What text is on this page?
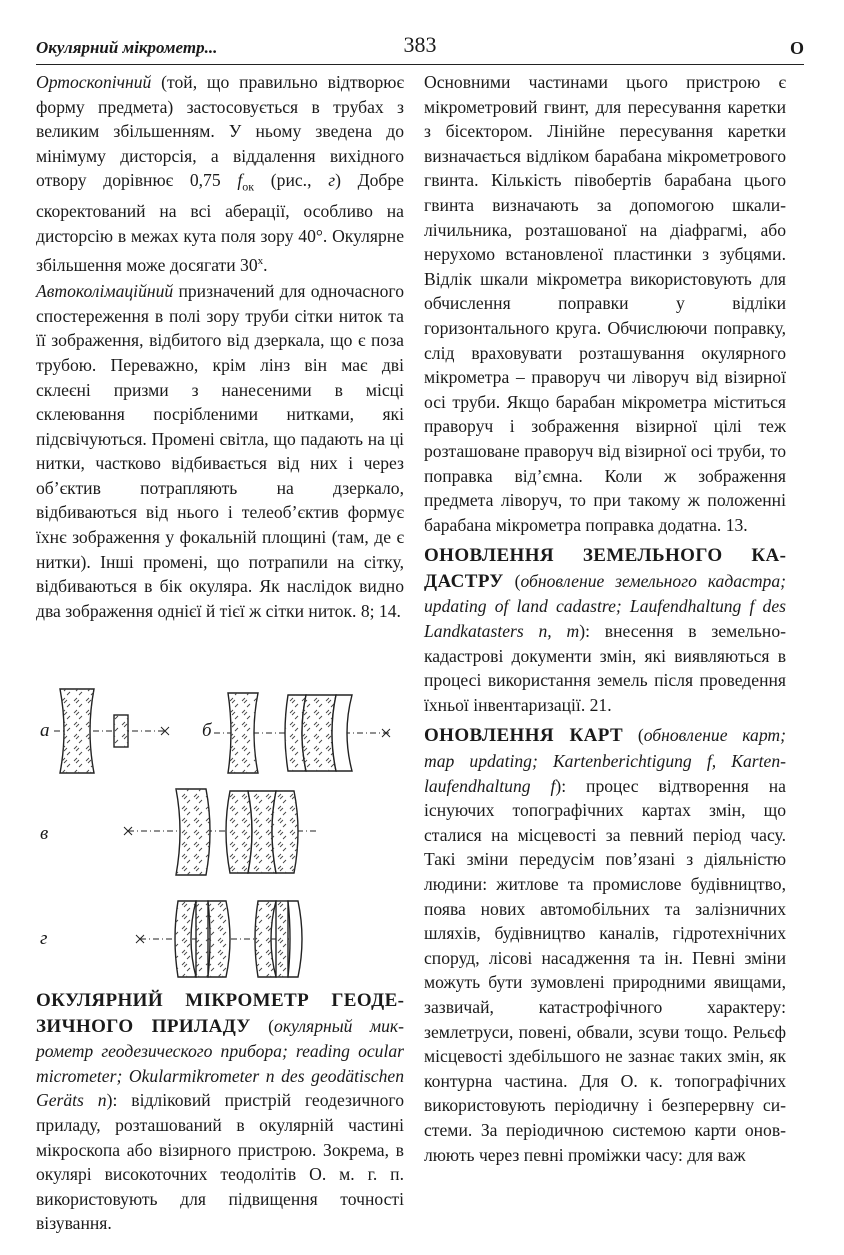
Окулярний мікрометр...	383	О

Ортоскопічний (той, що правильно відтворює форму предмета) застосовується в трубах з великим збільшенням. У ньому зведена до мінімуму дисторсія, а віддалення вихідного отвору дорівнює 0,75 $f_{ок}$ (рис., г) Добре скоректований на всі аберації, особливо на дисторсію в межах кута поля зору 40°. Окулярне збільшення може досягати $30^х$.

Автоколімаційний призначений для одночасного спостереження в полі зору труби сітки ниток та її зображення, відбитого від дзеркала, що є поза трубою. Переважно, крім лінз він має дві склеєні призми з нанесеними в місці склеювання посрібленими нитками, які підсвічуються. Промені світла, що падають на ці нитки, частково відбивається від них і через об’єктив потрапляють на дзеркало, відбиваються від нього і телеоб’єктив формує їхнє зображення у фокальній площині (там, де є нитки). Інші промені, що потрапили на сітку, відбиваються в бік окуляра. Як наслідок видно два зображення однієї й тієї ж сітки ниток. 8; 14.

а	б
в
г

ОКУЛЯРНИЙ МІКРОМЕТР ГЕОДЕЗИЧНОГО ПРИЛАДУ (окулярный микрометр геодезического прибора; reading ocular micrometer; Okularmikrometer n des geodätischen Geräts n): відліковий пристрій геодезичного приладу, розташований в окулярній частині мікроскопа або візирного пристрою. Зокрема, в окулярі високоточних теодолітів О. м. г. п. використовують для підвищення точності візування.

Основними частинами цього пристрою є мікрометровий гвинт, для пересування каретки з бісектором. Лінійне пересування каретки визначається відліком барабана мікрометрового гвинта. Кількість півобертів барабана цього гвинта визначають за допомогою шкали-лічильника, розташованої на діафрагмі, або нерухомо встановленої пластинки з зубцями. Відлік шкали мікрометра використовують для обчислення поправки у відліки горизонтального круга. Обчислюючи поправку, слід враховувати розташування окулярного мікрометра – праворуч чи ліворуч від візирної осі труби. Якщо барабан мікрометра міститься праворуч і зображення візирної цілі теж розташоване праворуч від візирної осі труби, то поправка від’ємна. Коли ж зображення предмета ліворуч, то при такому ж положенні барабана мікрометра поправка додатна. 13.

ОНОВЛЕННЯ ЗЕМЕЛЬНОГО КАДАСТРУ (обновление земельного кадастра; updating of land cadastre; Laufendhaltung f des Landkatasters n, m): внесення в земельно-кадастрові документи змін, які виявляються в процесі використання земель після проведення їхньої інвентаризації. 21.

ОНОВЛЕННЯ КАРТ (обновление карт; map updating; Kartenberichtigung f, Kartenlaufendhaltung f): процес відтворення на існуючих топографічних картах змін, що сталися на місцевості за певний період часу. Такі зміни передусім пов’язані з діяльністю людини: житлове та промислове будівництво, поява нових автомобільних та залізничних шляхів, будівництво каналів, гідротехнічних споруд, лісові насадження та ін. Певні зміни можуть бути зумовлені природними явищами, зазвичай, катастрофічного характеру: землетруси, повені, обвали, зсуви тощо. Рельєф місцевості здебільшого не зазнає таких змін, як контурна частина. Для О. к. топографічних використовують періодичну і безперервну системи. За періодичною системою карти оновлюють через певні проміжки часу: для важ
